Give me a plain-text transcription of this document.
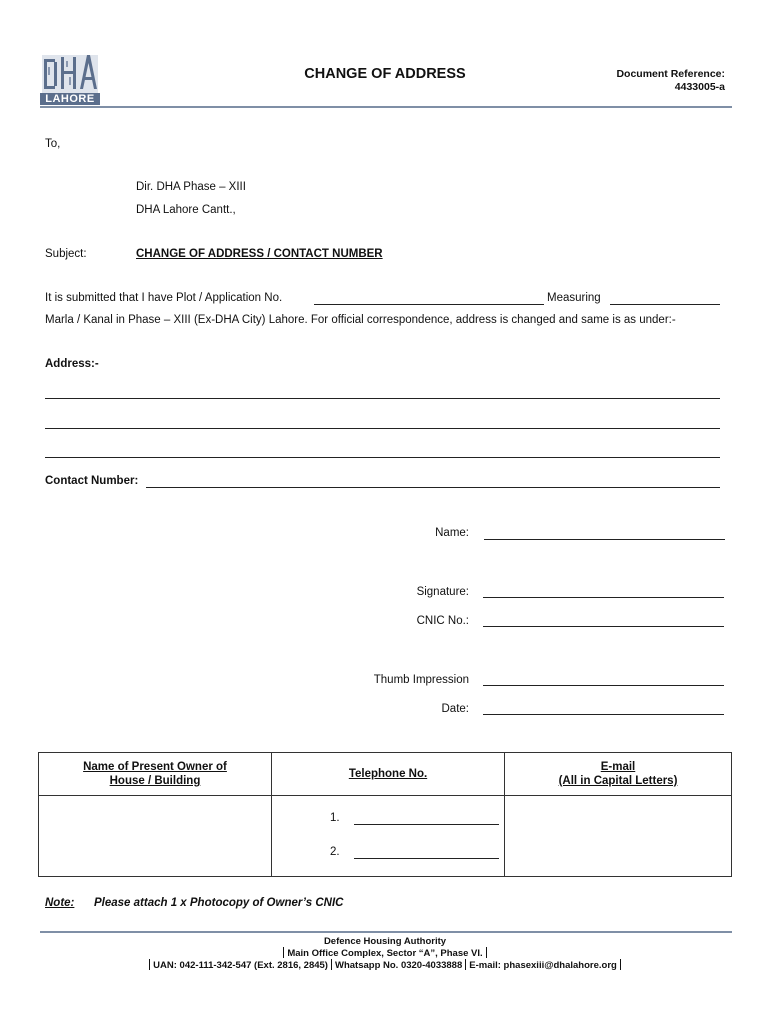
LAHORE
CHANGE OF ADDRESS	Document Reference:
4433005-a
To,
Dir. DHA Phase – XIII
DHA Lahore Cantt.,
Subject:	CHANGE OF ADDRESS / CONTACT NUMBER
It is submitted that I have Plot / Application No.	Measuring
Marla / Kanal in Phase – XIII (Ex-DHA City) Lahore. For official correspondence, address is changed and same is as under:-
Address:-
Contact Number:
Name:
Signature:
CNIC No.:
Thumb Impression
Date:
Name of Present Owner of
House / Building	Telephone No.	E-mail
(All in Capital Letters)

	1.
2.	

Note: Please attach 1 x Photocopy of Owner’s CNIC
Defence Housing Authority
Main Office Complex, Sector “A”, Phase VI.
UAN: 042-111-342-547 (Ext. 2816, 2845) Whatsapp No. 0320-4033888 E-mail: phasexiii@dhalahore.org
